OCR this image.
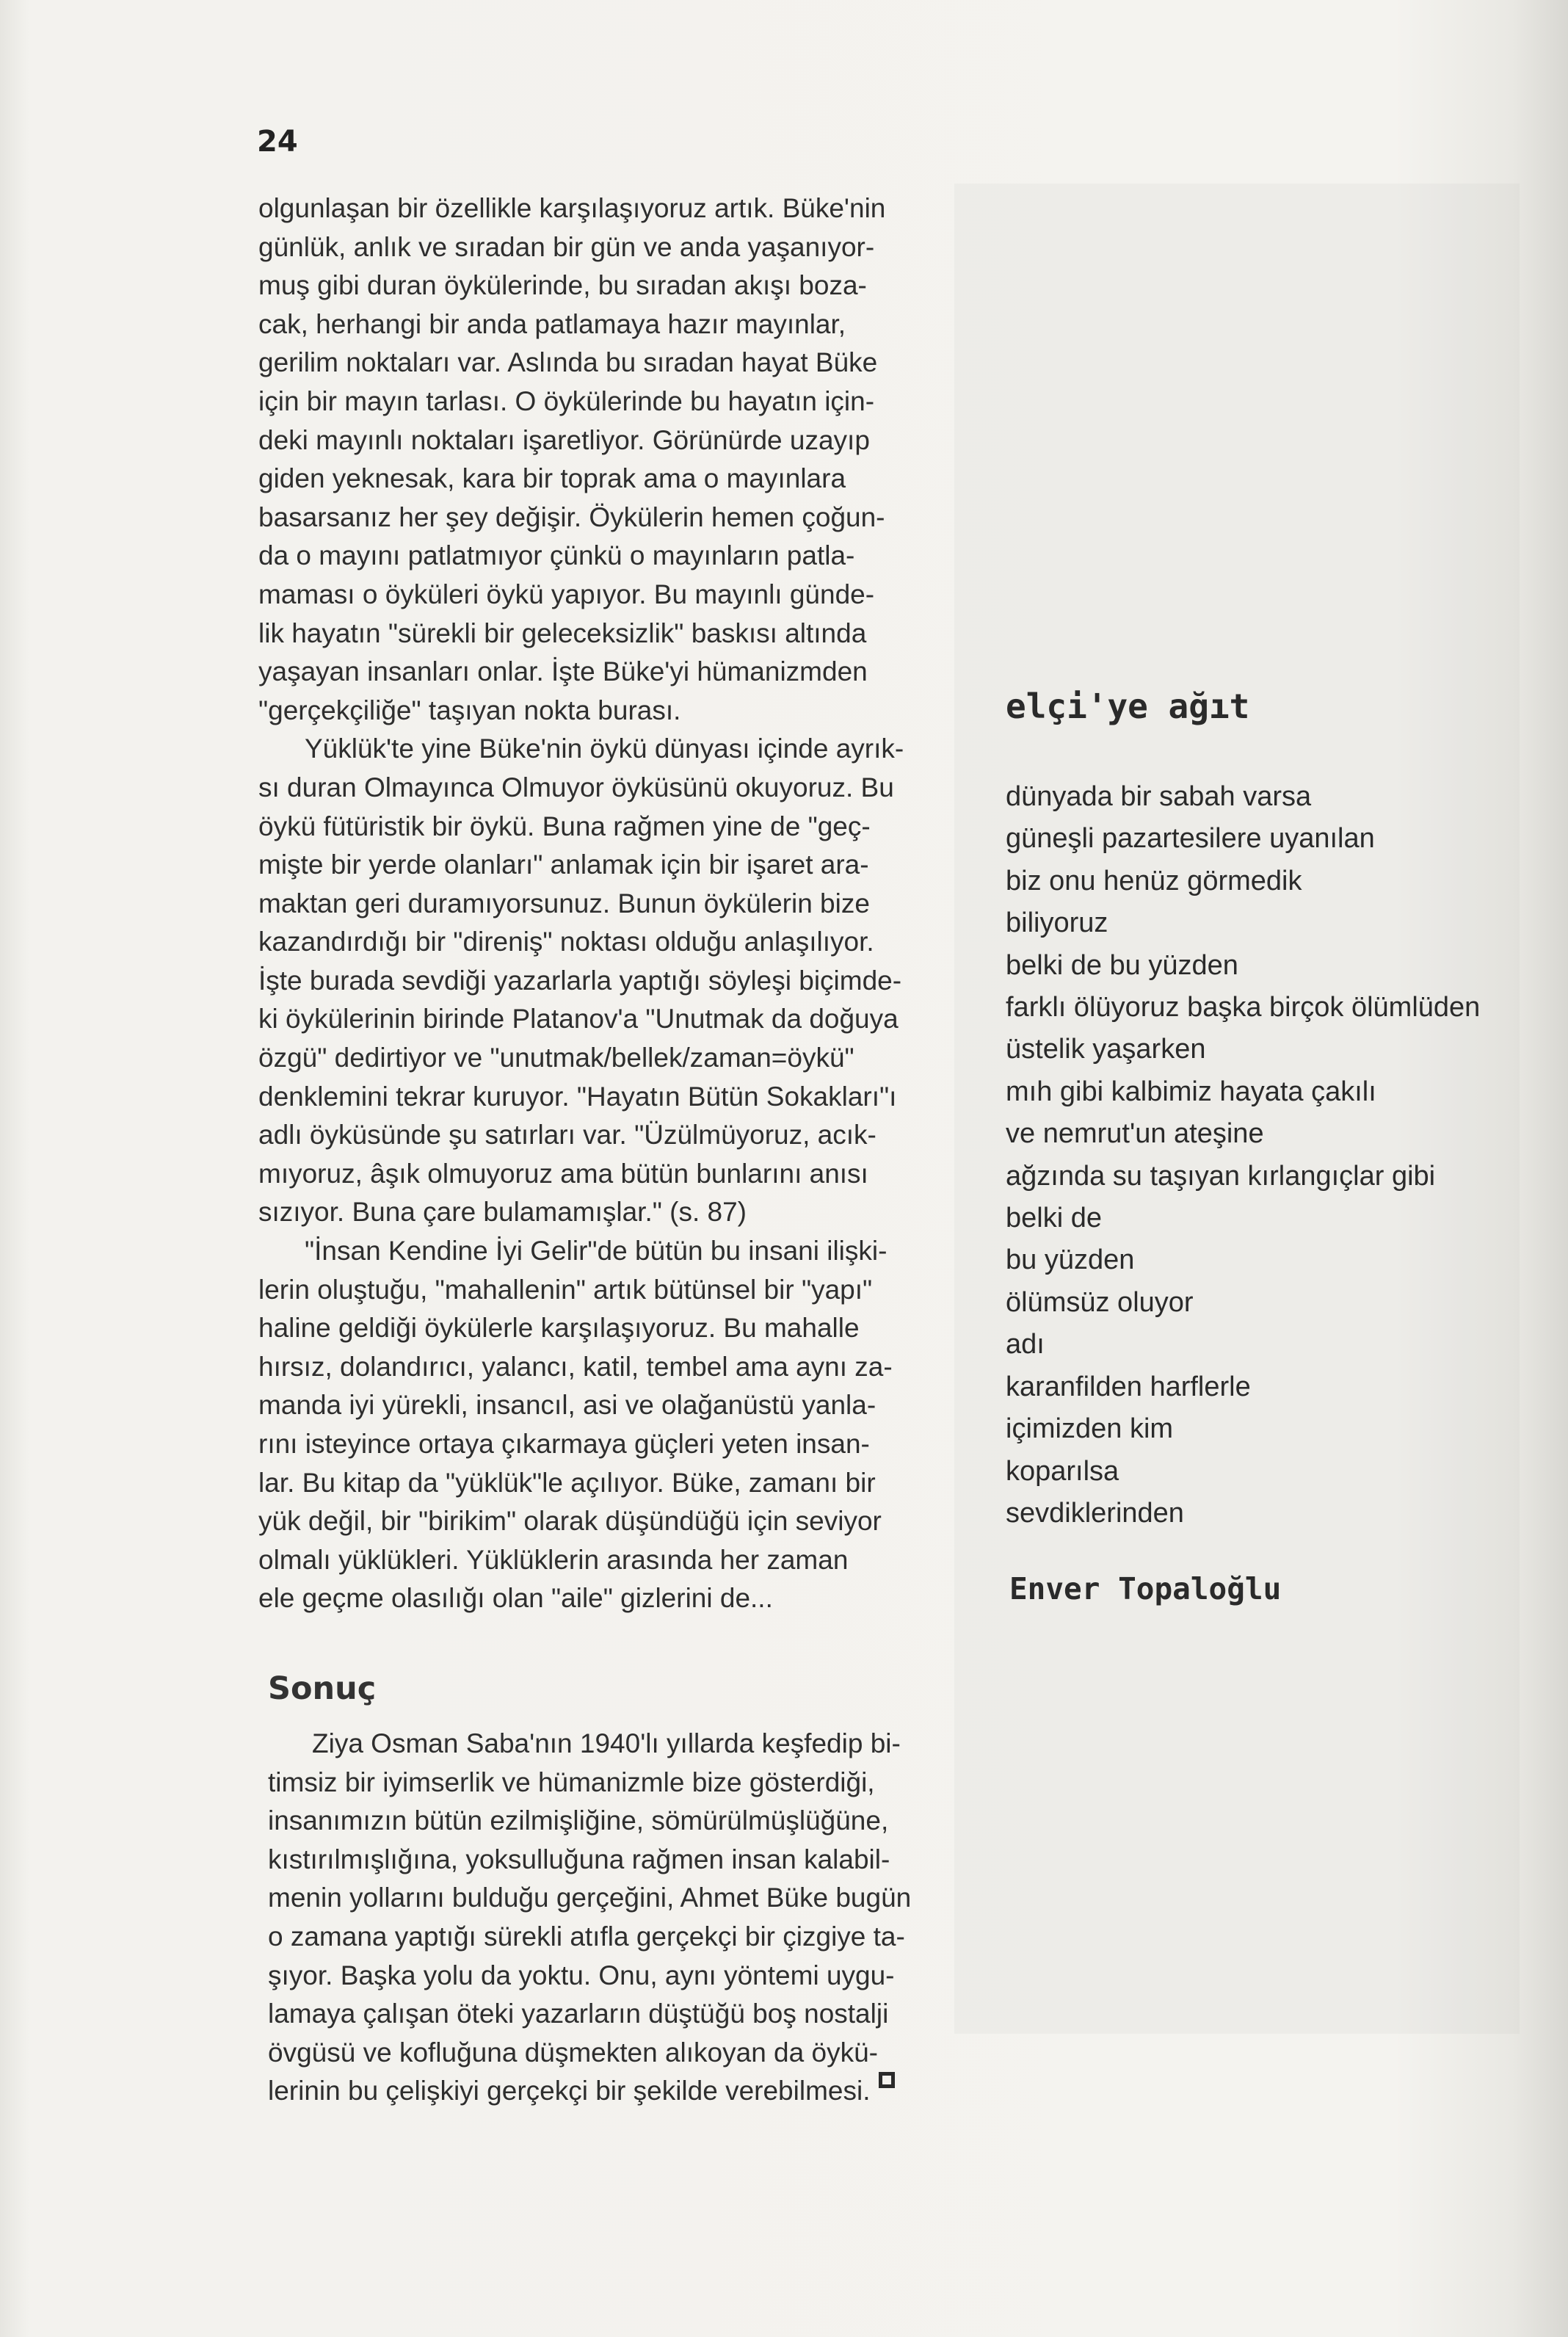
24
olgunlaşan bir özellikle karşılaşıyoruz artık. Büke'nin
günlük, anlık ve sıradan bir gün ve anda yaşanıyor-
muş gibi duran öykülerinde, bu sıradan akışı boza-
cak, herhangi bir anda patlamaya hazır mayınlar,
gerilim noktaları var. Aslında bu sıradan hayat Büke
için bir mayın tarlası. O öykülerinde bu hayatın için-
deki mayınlı noktaları işaretliyor. Görünürde uzayıp
giden yeknesak, kara bir toprak ama o mayınlara
basarsanız her şey değişir. Öykülerin hemen çoğun-
da o mayını patlatmıyor çünkü o mayınların patla-
maması o öyküleri öykü yapıyor. Bu mayınlı günde-
lik hayatın "sürekli bir geleceksizlik" baskısı altında
yaşayan insanları onlar. İşte Büke'yi hümanizmden
"gerçekçiliğe" taşıyan nokta burası.
Yüklük'te yine Büke'nin öykü dünyası içinde ayrık-
sı duran Olmayınca Olmuyor öyküsünü okuyoruz. Bu
öykü fütüristik bir öykü. Buna rağmen yine de "geç-
mişte bir yerde olanları" anlamak için bir işaret ara-
maktan geri duramıyorsunuz. Bunun öykülerin bize
kazandırdığı bir "direniş" noktası olduğu anlaşılıyor.
İşte burada sevdiği yazarlarla yaptığı söyleşi biçimde-
ki öykülerinin birinde Platanov'a "Unutmak da doğuya
özgü" dedirtiyor ve "unutmak/bellek/zaman=öykü"
denklemini tekrar kuruyor. "Hayatın Bütün Sokakları"ı
adlı öyküsünde şu satırları var. "Üzülmüyoruz, acık-
mıyoruz, âşık olmuyoruz ama bütün bunlarını anısı
sızıyor. Buna çare bulamamışlar." (s. 87)
"İnsan Kendine İyi Gelir"de bütün bu insani ilişki-
lerin oluştuğu, "mahallenin" artık bütünsel bir "yapı"
haline geldiği öykülerle karşılaşıyoruz. Bu mahalle
hırsız, dolandırıcı, yalancı, katil, tembel ama aynı za-
manda iyi yürekli, insancıl, asi ve olağanüstü yanla-
rını isteyince ortaya çıkarmaya güçleri yeten insan-
lar. Bu kitap da "yüklük"le açılıyor. Büke, zamanı bir
yük değil, bir "birikim" olarak düşündüğü için seviyor
olmalı yüklükleri. Yüklüklerin arasında her zaman
ele geçme olasılığı olan "aile" gizlerini de...
Sonuç
Ziya Osman Saba'nın 1940'lı yıllarda keşfedip bi-
timsiz bir iyimserlik ve hümanizmle bize gösterdiği,
insanımızın bütün ezilmişliğine, sömürülmüşlüğüne,
kıstırılmışlığına, yoksulluğuna rağmen insan kalabil-
menin yollarını bulduğu gerçeğini, Ahmet Büke bugün
o zamana yaptığı sürekli atıfla gerçekçi bir çizgiye ta-
şıyor. Başka yolu da yoktu. Onu, aynı yöntemi uygu-
lamaya çalışan öteki yazarların düştüğü boş nostalji
övgüsü ve kofluğuna düşmekten alıkoyan da öykü-
lerinin bu çelişkiyi gerçekçi bir şekilde verebilmesi.
elçi'ye ağıt
dünyada bir sabah varsa
güneşli pazartesilere uyanılan
biz onu henüz görmedik
biliyoruz
belki de bu yüzden
farklı ölüyoruz başka birçok ölümlüden
üstelik yaşarken
mıh gibi kalbimiz hayata çakılı
ve nemrut'un ateşine
ağzında su taşıyan kırlangıçlar gibi
belki de
bu yüzden
ölümsüz oluyor
adı
karanfilden harflerle
içimizden kim
koparılsa
sevdiklerinden
Enver Topaloğlu
